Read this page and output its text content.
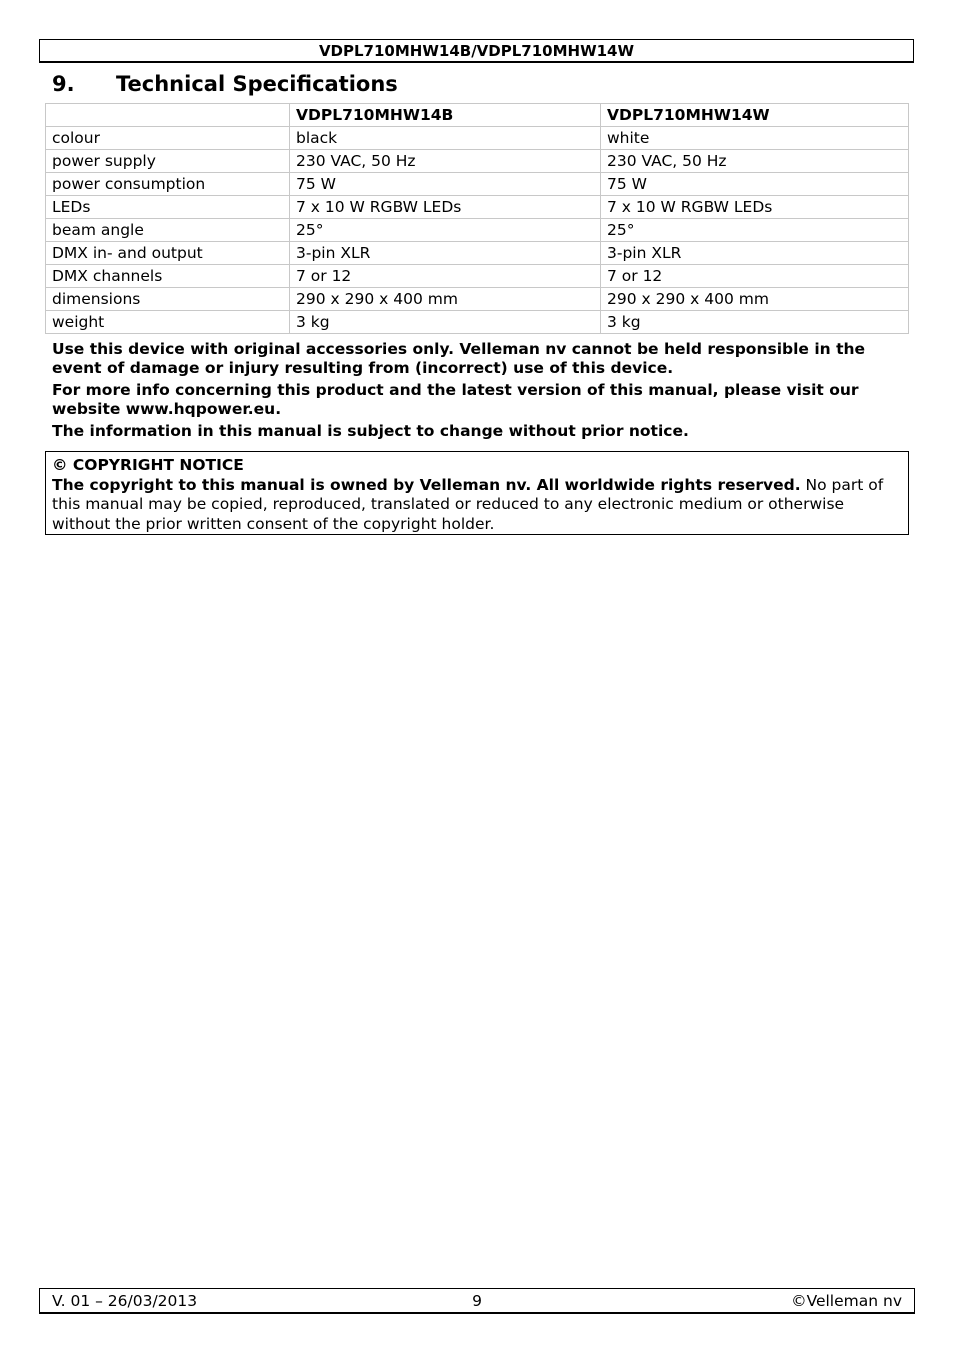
VDPL710MHW14B/VDPL710MHW14W
9. Technical Specifications
	VDPL710MHW14B	VDPL710MHW14W
colour	black	white
power supply	230 VAC, 50 Hz	230 VAC, 50 Hz
power consumption	75 W	75 W
LEDs	7 x 10 W RGBW LEDs	7 x 10 W RGBW LEDs
beam angle	25°	25°
DMX in- and output	3-pin XLR	3-pin XLR
DMX channels	7 or 12	7 or 12
dimensions	290 x 290 x 400 mm	290 x 290 x 400 mm
weight	3 kg	3 kg

Use this device with original accessories only. Velleman nv cannot be held responsible in the event of damage or injury resulting from (incorrect) use of this device.

For more info concerning this product and the latest version of this manual, please visit our website www.hqpower.eu.

The information in this manual is subject to change without prior notice.

© COPYRIGHT NOTICE
The copyright to this manual is owned by Velleman nv. All worldwide rights reserved. No part of this manual may be copied, reproduced, translated or reduced to any electronic medium or otherwise without the prior written consent of the copyright holder.
V. 01 – 26/03/2013	9	©Velleman nv
